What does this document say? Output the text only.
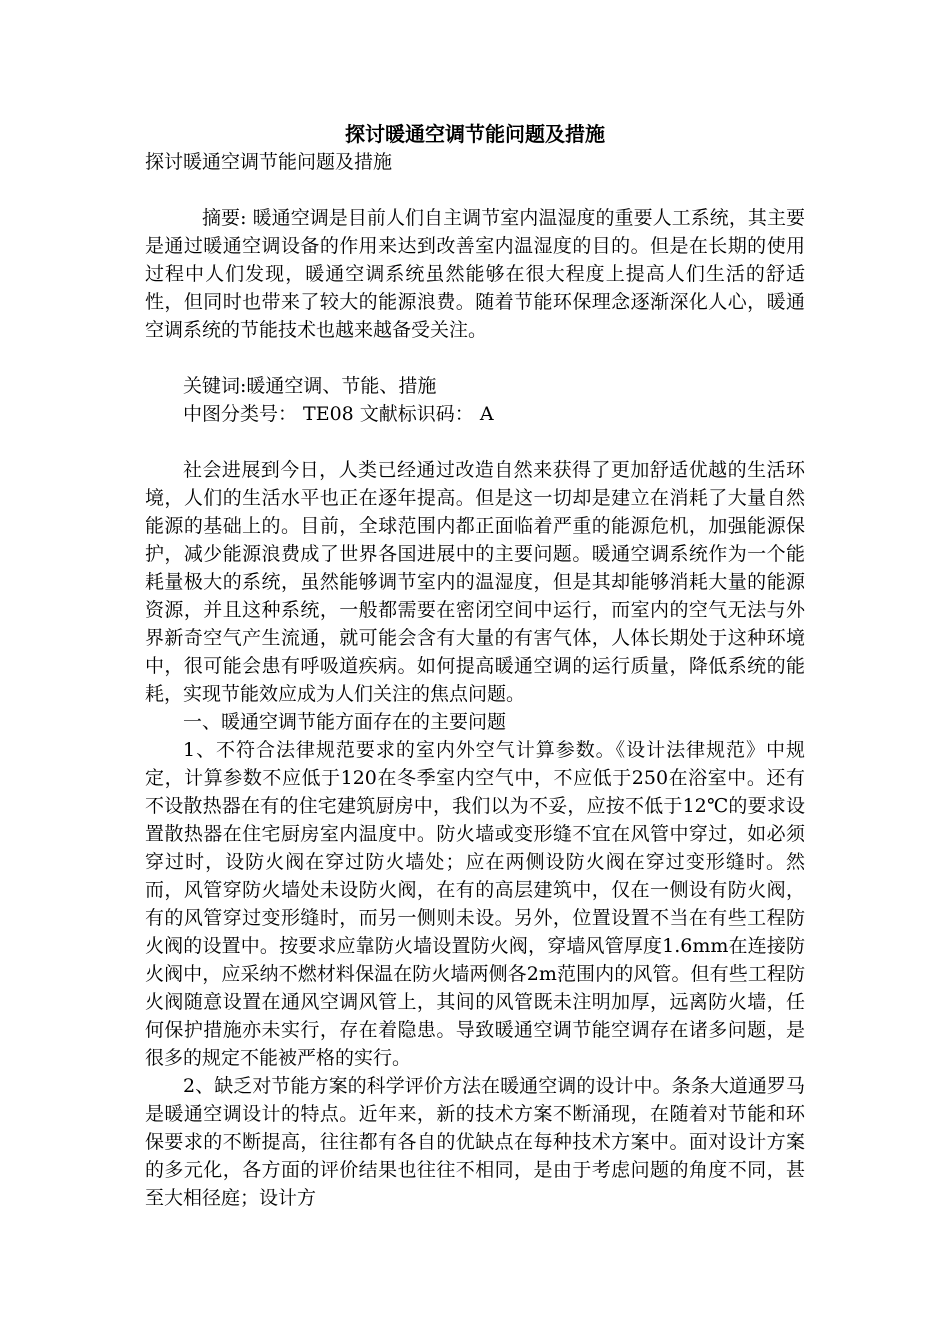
探讨暖通空调节能问题及措施

探讨暖通空调节能问题及措施

摘要: 暖通空调是目前人们自主调节室内温湿度的重要人工系统，其主要是通过暖通空调设备的作用来达到改善室内温湿度的目的。但是在长期的使用过程中人们发现，暖通空调系统虽然能够在很大程度上提高人们生活的舒适性，但同时也带来了较大的能源浪费。随着节能环保理念逐渐深化人心，暖通空调系统的节能技术也越来越备受关注。

关键词:暖通空调、节能、措施

中图分类号： TE08 文献标识码： A

社会进展到今日，人类已经通过改造自然来获得了更加舒适优越的生活环境，人们的生活水平也正在逐年提高。但是这一切却是建立在消耗了大量自然能源的基础上的。目前，全球范围内都正面临着严重的能源危机，加强能源保护，减少能源浪费成了世界各国进展中的主要问题。暖通空调系统作为一个能耗量极大的系统，虽然能够调节室内的温湿度，但是其却能够消耗大量的能源资源，并且这种系统，一般都需要在密闭空间中运行，而室内的空气无法与外界新奇空气产生流通，就可能会含有大量的有害气体，人体长期处于这种环境中，很可能会患有呼吸道疾病。如何提高暖通空调的运行质量，降低系统的能耗，实现节能效应成为人们关注的焦点问题。

一、暖通空调节能方面存在的主要问题

1、不符合法律规范要求的室内外空气计算参数。《设计法律规范》中规定，计算参数不应低于120在冬季室内空气中，不应低于250在浴室中。还有不设散热器在有的住宅建筑厨房中，我们以为不妥，应按不低于12℃的要求设置散热器在住宅厨房室内温度中。防火墙或变形缝不宜在风管中穿过，如必须穿过时，设防火阀在穿过防火墙处；应在两侧设防火阀在穿过变形缝时。然而，风管穿防火墙处未设防火阀，在有的高层建筑中，仅在一侧设有防火阀，有的风管穿过变形缝时，而另一侧则未设。另外，位置设置不当在有些工程防火阀的设置中。按要求应靠防火墙设置防火阀，穿墙风管厚度1.6mm在连接防火阀中，应采纳不燃材料保温在防火墙两侧各2m范围内的风管。但有些工程防火阀随意设置在通风空调风管上，其间的风管既未注明加厚，远离防火墙，任何保护措施亦未实行，存在着隐患。导致暖通空调节能空调存在诸多问题，是很多的规定不能被严格的实行。

2、缺乏对节能方案的科学评价方法在暖通空调的设计中。条条大道通罗马是暖通空调设计的特点。近年来，新的技术方案不断涌现，在随着对节能和环保要求的不断提高，往往都有各自的优缺点在每种技术方案中。面对设计方案的多元化，各方面的评价结果也往往不相同，是由于考虑问题的角度不同，甚至大相径庭；设计方
